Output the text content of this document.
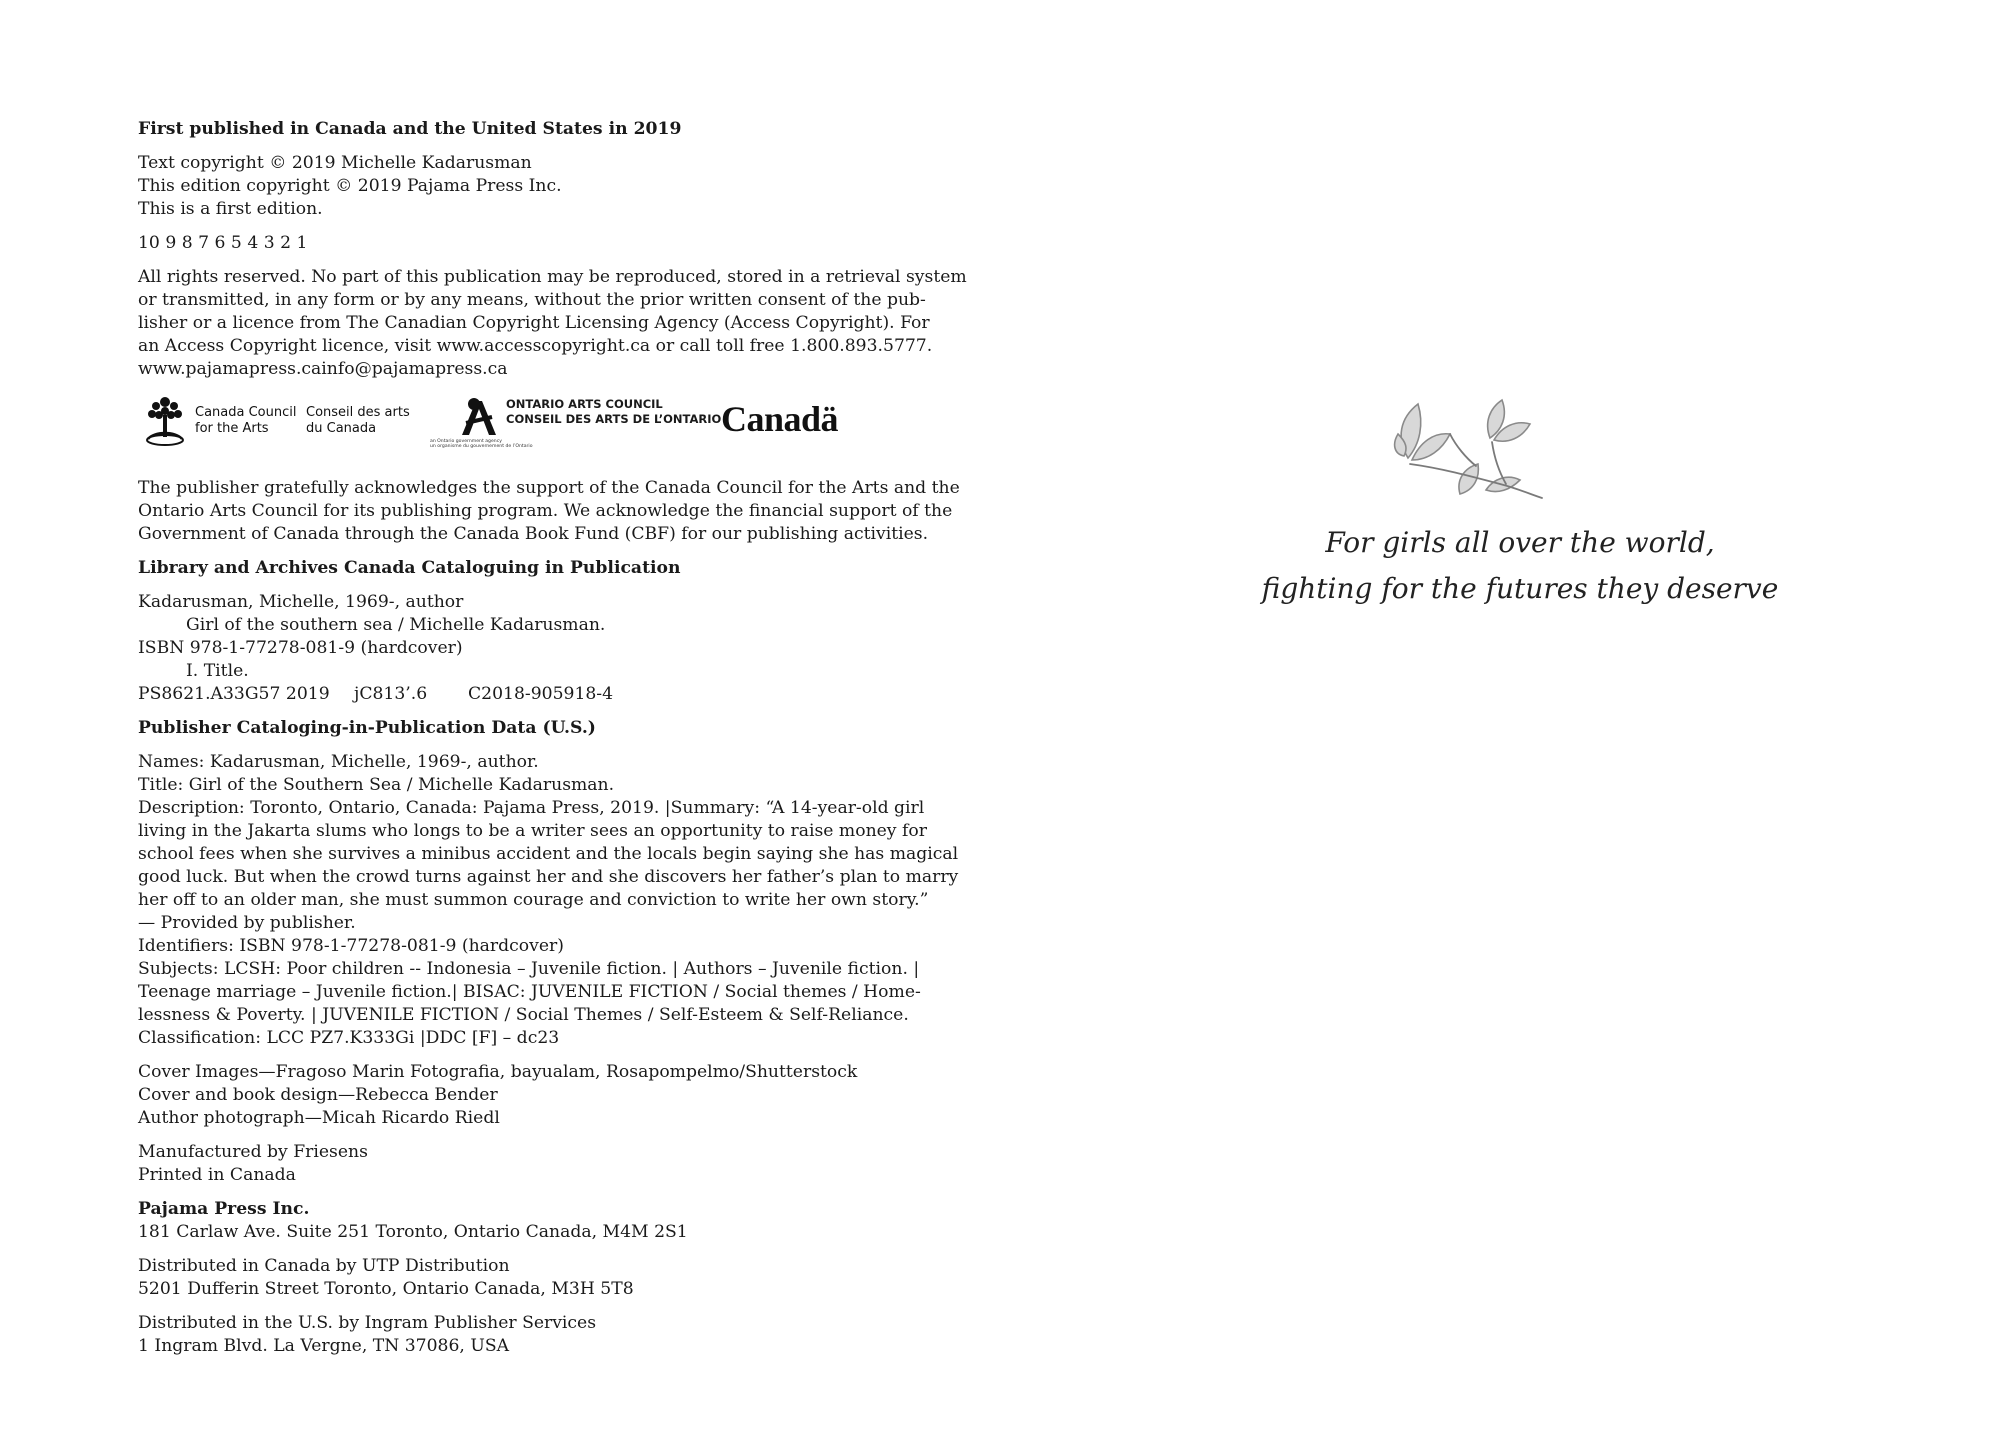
First published in Canada and the United States in 2019

Text copyright © 2019 Michelle Kadarusman
This edition copyright © 2019 Pajama Press Inc.
This is a first edition.

10 9 8 7 6 5 4 3 2 1

All rights reserved. No part of this publication may be reproduced, stored in a retrieval system
or transmitted, in any form or by any means, without the prior written consent of the pub-
lisher or a licence from The Canadian Copyright Licensing Agency (Access Copyright). For
an Access Copyright licence, visit www.accesscopyright.ca or call toll free 1.800.893.5777.
www.pajamapress.cainfo@pajamapress.ca

Canada Council
for the Arts
Conseil des arts
du Canada
ONTARIO ARTS COUNCIL
CONSEIL DES ARTS DE L’ONTARIO
an Ontario government agency
un organisme du gouvernement de l’Ontario
Canadä

The publisher gratefully acknowledges the support of the Canada Council for the Arts and the
Ontario Arts Council for its publishing program. We acknowledge the financial support of the
Government of Canada through the Canada Book Fund (CBF) for our publishing activities.

Library and Archives Canada Cataloguing in Publication

Kadarusman, Michelle, 1969-, author
Girl of the southern sea / Michelle Kadarusman.
ISBN 978-1-77278-081-9 (hardcover)
I. Title.
PS8621.A33G57 2019 jC813’.6 C2018-905918-4

Publisher Cataloging-in-Publication Data (U.S.)

Names: Kadarusman, Michelle, 1969-, author.
Title: Girl of the Southern Sea / Michelle Kadarusman.
Description: Toronto, Ontario, Canada: Pajama Press, 2019. |Summary: “A 14-year-old girl
living in the Jakarta slums who longs to be a writer sees an opportunity to raise money for
school fees when she survives a minibus accident and the locals begin saying she has magical
good luck. But when the crowd turns against her and she discovers her father’s plan to marry
her off to an older man, she must summon courage and conviction to write her own story.”
— Provided by publisher.
Identifiers: ISBN 978-1-77278-081-9 (hardcover)
Subjects: LCSH: Poor children -- Indonesia – Juvenile fiction. | Authors – Juvenile fiction. |
Teenage marriage – Juvenile fiction.| BISAC: JUVENILE FICTION / Social themes / Home-
lessness & Poverty. | JUVENILE FICTION / Social Themes / Self-Esteem & Self-Reliance.
Classification: LCC PZ7.K333Gi |DDC [F] – dc23

Cover Images—Fragoso Marin Fotografia, bayualam, Rosapompelmo/Shutterstock
Cover and book design—Rebecca Bender
Author photograph—Micah Ricardo Riedl

Manufactured by Friesens
Printed in Canada

Pajama Press Inc.
181 Carlaw Ave. Suite 251 Toronto, Ontario Canada, M4M 2S1

Distributed in Canada by UTP Distribution
5201 Dufferin Street Toronto, Ontario Canada, M3H 5T8

Distributed in the U.S. by Ingram Publisher Services
1 Ingram Blvd. La Vergne, TN 37086, USA

For girls all over the world,
fighting for the futures they deserve
